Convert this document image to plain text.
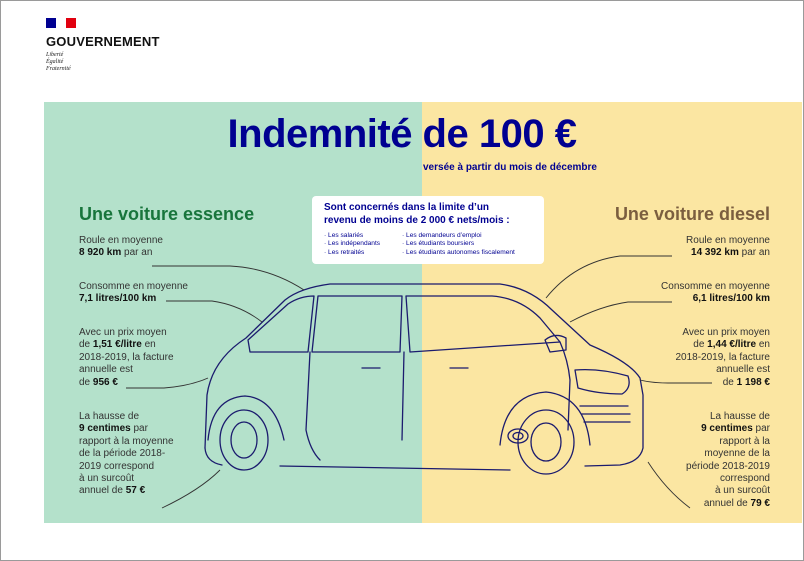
GOUVERNEMENT
Liberté
Égalité
Fraternité
Indemnité de 100 €
versée à partir du mois de décembre
Sont concernés dans la limite d’un
revenu de moins de 2 000 € nets/mois :
· Les salariés
· Les indépendants
· Les retraités
· Les demandeurs d’emploi
· Les étudiants boursiers
· Les étudiants autonomes fiscalement
Une voiture essence
Roule en moyenne
8 920 km par an
Consomme en moyenne
7,1 litres/100 km
Avec un prix moyen
de 1,51 €/litre en
2018-2019, la facture
annuelle est
de 956 €
La hausse de
9 centimes par
rapport à la moyenne
de la période 2018-
2019 correspond
à un surcoût
annuel de 57 €
Une voiture diesel
Roule en moyenne
14 392 km par an
Consomme en moyenne
6,1 litres/100 km
Avec un prix moyen
de 1,44 €/litre en
2018-2019, la facture
annuelle est
de 1 198 €
La hausse de
9 centimes par
rapport à la
moyenne de la
période 2018-2019
correspond
à un surcoût
annuel de 79 €
